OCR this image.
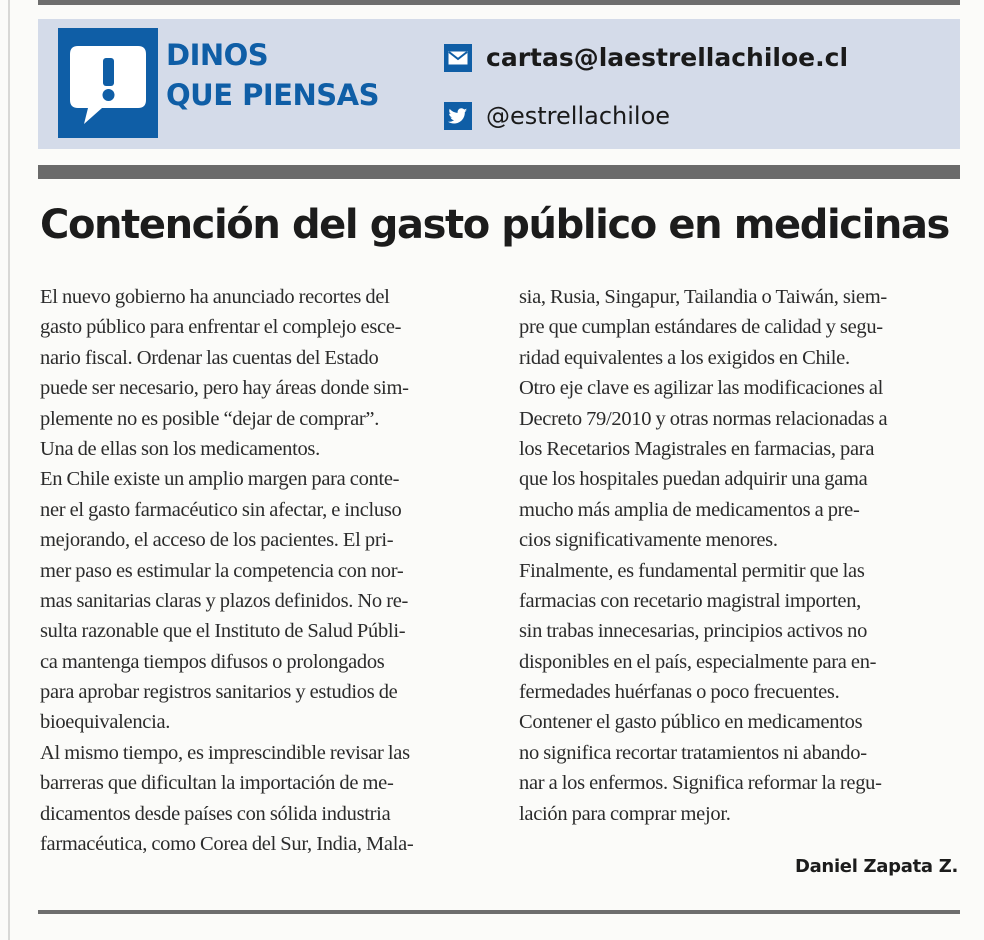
DINOS
QUE PIENSAS
cartas@laestrellachiloe.cl
@estrellachiloe
Contención del gasto público en medicinas
El nuevo gobierno ha anunciado recortes del
gasto público para enfrentar el complejo esce-
nario fiscal. Ordenar las cuentas del Estado
puede ser necesario, pero hay áreas donde sim-
plemente no es posible “dejar de comprar”.
Una de ellas son los medicamentos.
En Chile existe un amplio margen para conte-
ner el gasto farmacéutico sin afectar, e incluso
mejorando, el acceso de los pacientes. El pri-
mer paso es estimular la competencia con nor-
mas sanitarias claras y plazos definidos. No re-
sulta razonable que el Instituto de Salud Públi-
ca mantenga tiempos difusos o prolongados
para aprobar registros sanitarios y estudios de
bioequivalencia.
Al mismo tiempo, es imprescindible revisar las
barreras que dificultan la importación de me-
dicamentos desde países con sólida industria
farmacéutica, como Corea del Sur, India, Mala-
sia, Rusia, Singapur, Tailandia o Taiwán, siem-
pre que cumplan estándares de calidad y segu-
ridad equivalentes a los exigidos en Chile.
Otro eje clave es agilizar las modificaciones al
Decreto 79/2010 y otras normas relacionadas a
los Recetarios Magistrales en farmacias, para
que los hospitales puedan adquirir una gama
mucho más amplia de medicamentos a pre-
cios significativamente menores.
Finalmente, es fundamental permitir que las
farmacias con recetario magistral importen,
sin trabas innecesarias, principios activos no
disponibles en el país, especialmente para en-
fermedades huérfanas o poco frecuentes.
Contener el gasto público en medicamentos
no significa recortar tratamientos ni abando-
nar a los enfermos. Significa reformar la regu-
lación para comprar mejor.
Daniel Zapata Z.
